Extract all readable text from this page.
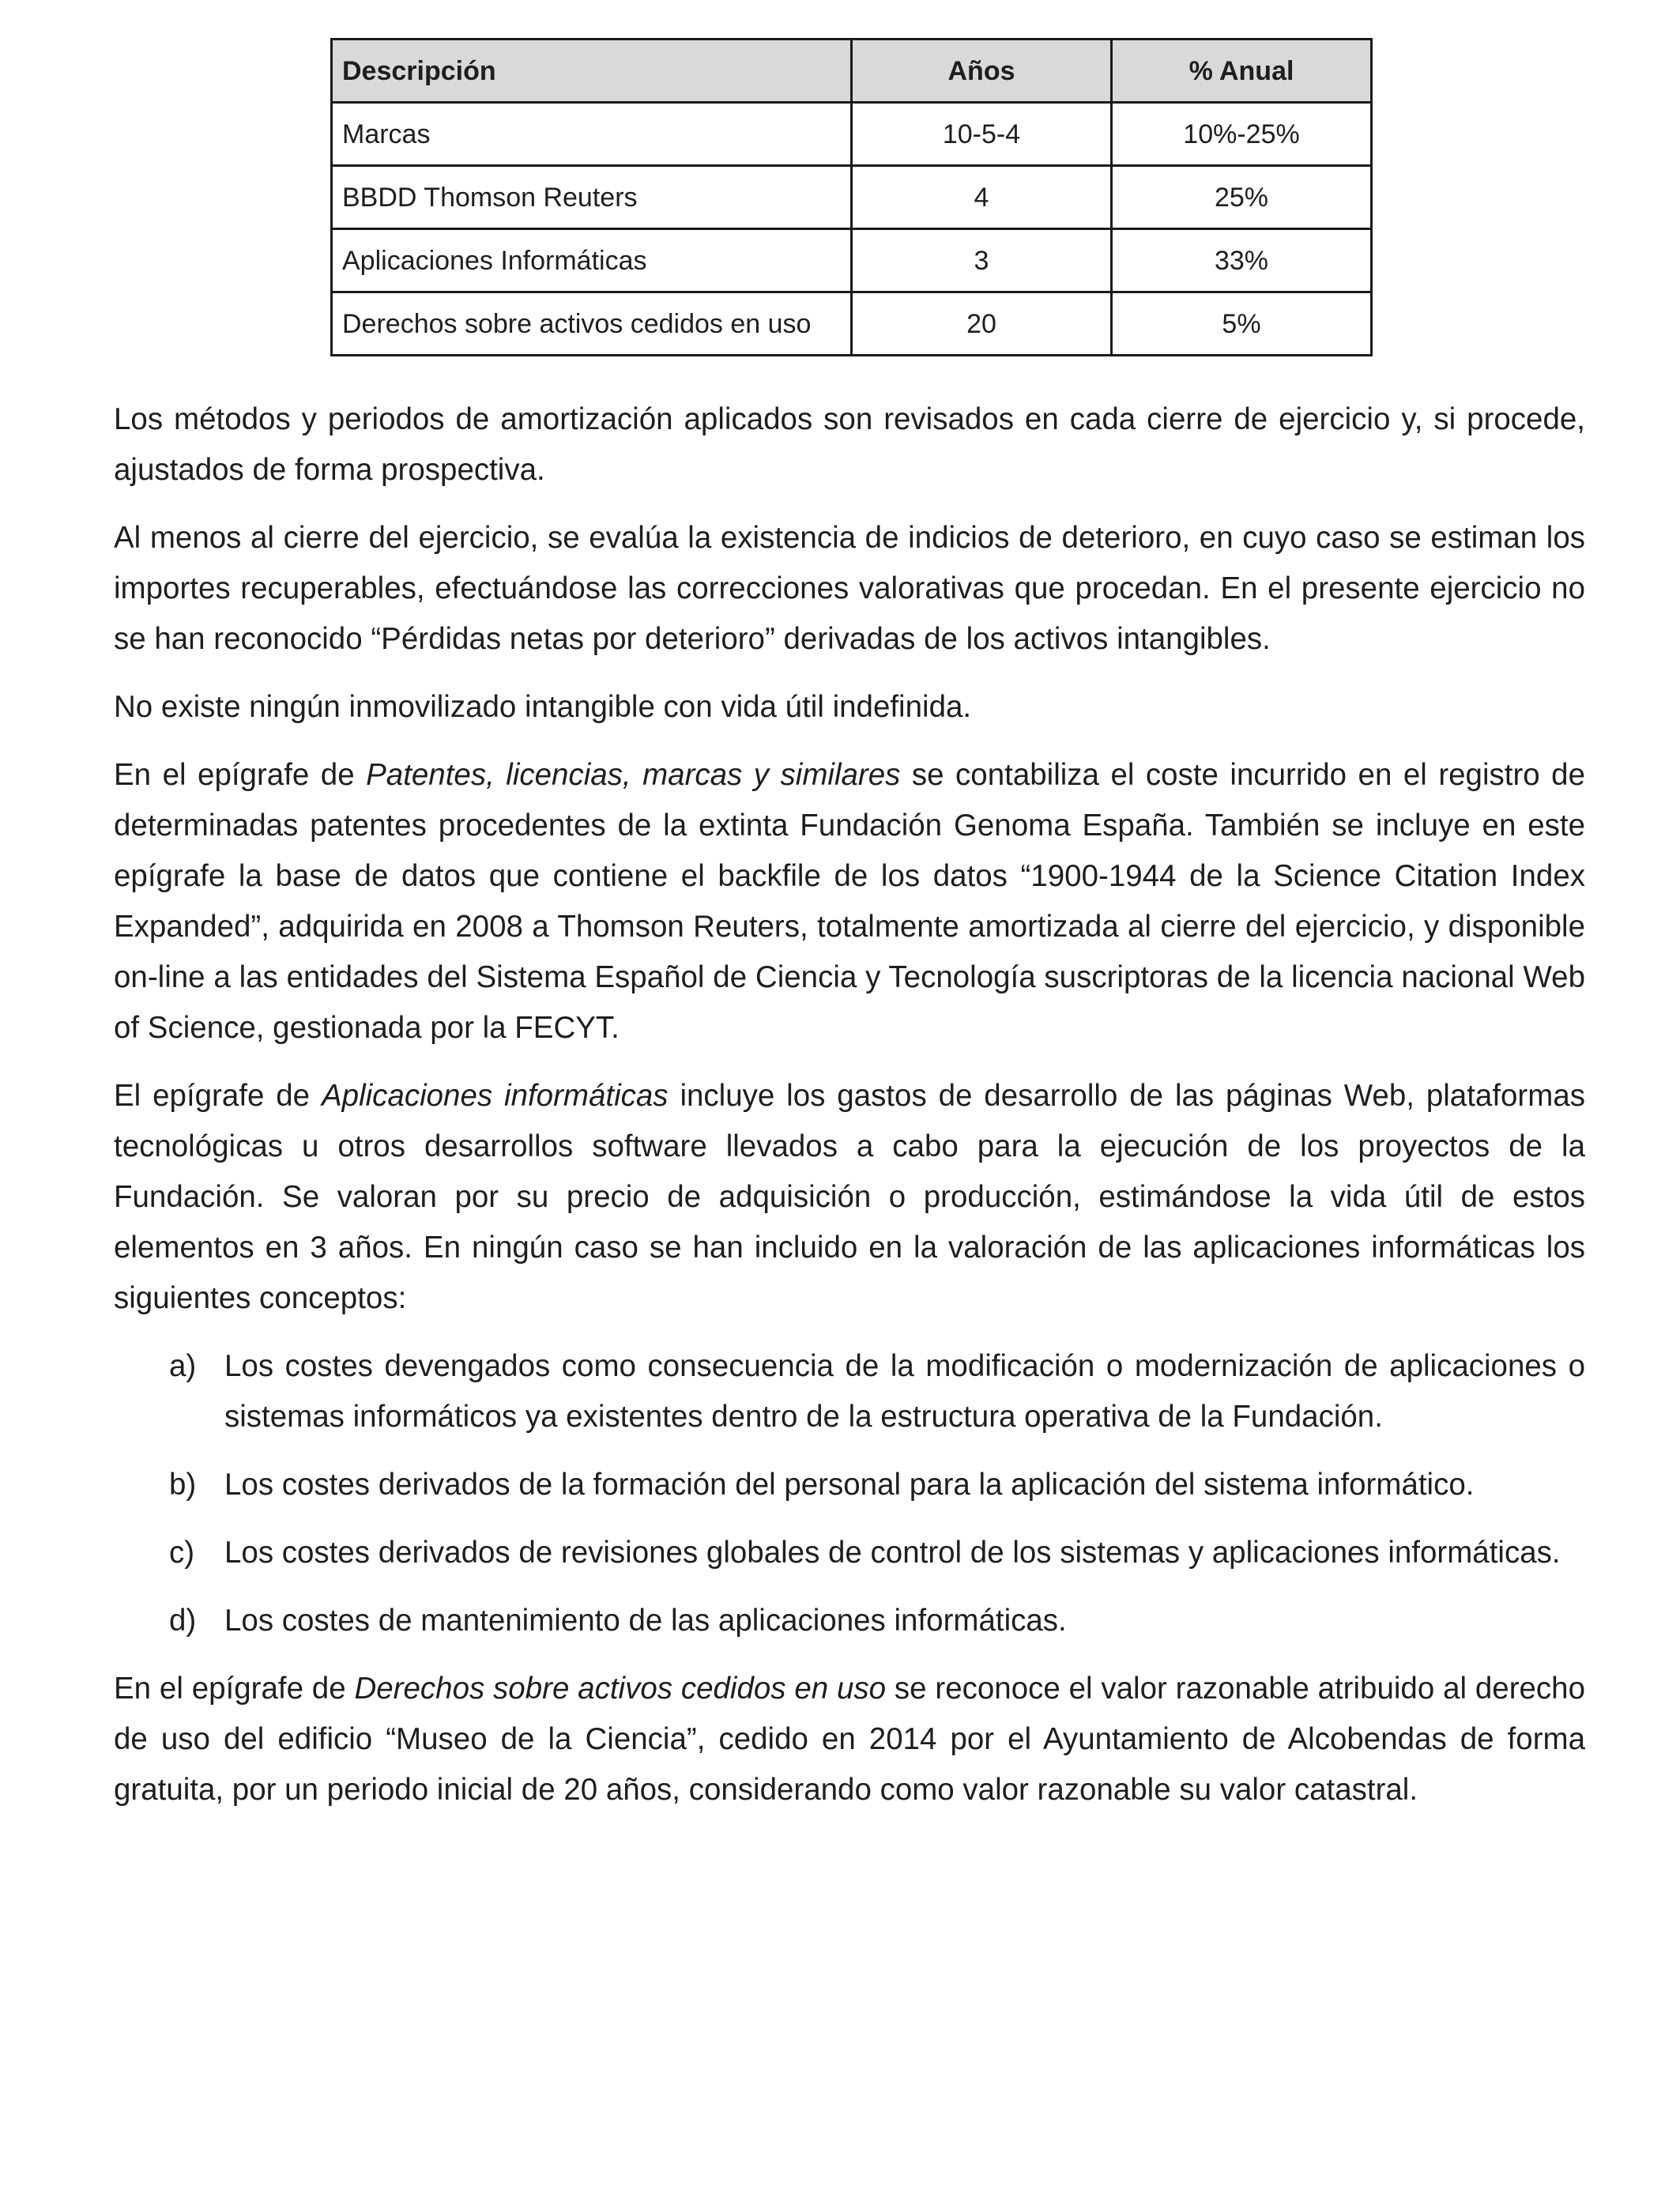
Descripción	Años	% Anual
Marcas	10-5-4	10%-25%
BBDD Thomson Reuters	4	25%
Aplicaciones Informáticas	3	33%
Derechos sobre activos cedidos en uso	20	5%

Los métodos y periodos de amortización aplicados son revisados en cada cierre de ejercicio y, si procede, ajustados de forma prospectiva.

Al menos al cierre del ejercicio, se evalúa la existencia de indicios de deterioro, en cuyo caso se estiman los importes recuperables, efectuándose las correcciones valorativas que procedan. En el presente ejercicio no se han reconocido “Pérdidas netas por deterioro” derivadas de los activos intangibles.

No existe ningún inmovilizado intangible con vida útil indefinida.

En el epígrafe de Patentes, licencias, marcas y similares se contabiliza el coste incurrido en el registro de determinadas patentes procedentes de la extinta Fundación Genoma España. También se incluye en este epígrafe la base de datos que contiene el backfile de los datos “1900-1944 de la Science Citation Index Expanded”, adquirida en 2008 a Thomson Reuters, totalmente amortizada al cierre del ejercicio, y disponible on-line a las entidades del Sistema Español de Ciencia y Tecnología suscriptoras de la licencia nacional Web of Science, gestionada por la FECYT.

El epígrafe de Aplicaciones informáticas incluye los gastos de desarrollo de las páginas Web, plataformas tecnológicas u otros desarrollos software llevados a cabo para la ejecución de los proyectos de la Fundación. Se valoran por su precio de adquisición o producción, estimándose la vida útil de estos elementos en 3 años. En ningún caso se han incluido en la valoración de las aplicaciones informáticas los siguientes conceptos:

a) Los costes devengados como consecuencia de la modificación o modernización de aplicaciones o sistemas informáticos ya existentes dentro de la estructura operativa de la Fundación.
b) Los costes derivados de la formación del personal para la aplicación del sistema informático.
c) Los costes derivados de revisiones globales de control de los sistemas y aplicaciones informáticas.
d) Los costes de mantenimiento de las aplicaciones informáticas.

En el epígrafe de Derechos sobre activos cedidos en uso se reconoce el valor razonable atribuido al derecho de uso del edificio “Museo de la Ciencia”, cedido en 2014 por el Ayuntamiento de Alcobendas de forma gratuita, por un periodo inicial de 20 años, considerando como valor razonable su valor catastral.
